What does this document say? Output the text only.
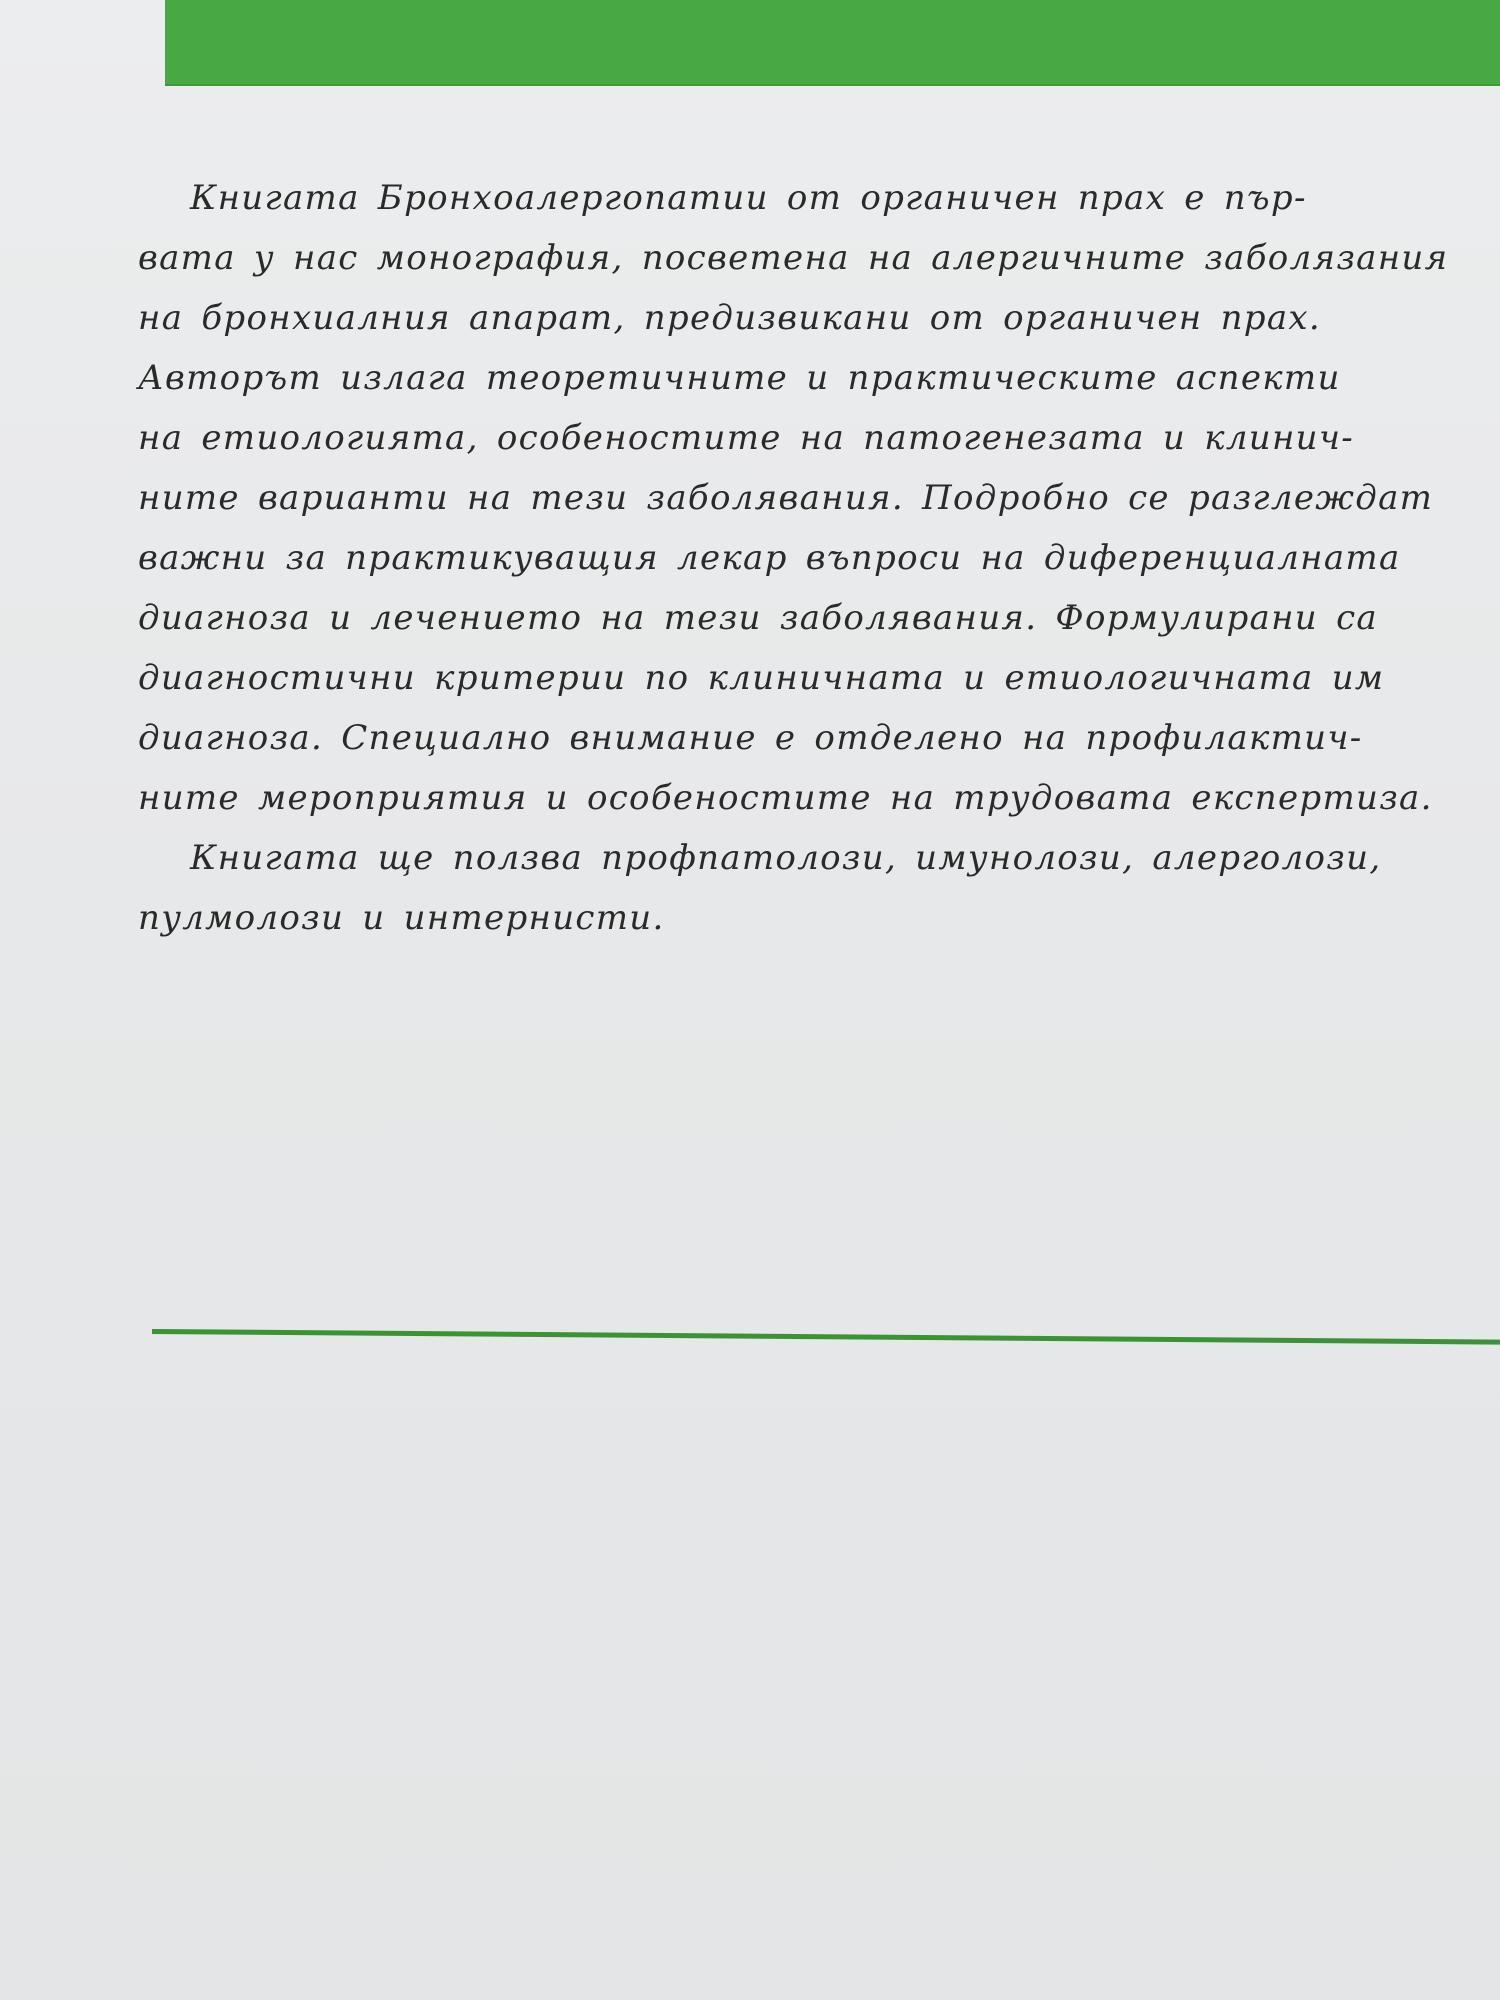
Книгата Бронхоалергопатии от органичен прах е пър-
вата у нас монография, посветена на алергичните заболязания
на бронхиалния апарат, предизвикани от органичен прах.
Авторът излага теоретичните и практическите аспекти
на етиологията, особеностите на патогенезата и клинич-
ните варианти на тези заболявания. Подробно се разглеждат
важни за практикуващия лекар въпроси на диференциалната
диагноза и лечението на тези заболявания. Формулирани са
диагностични критерии по клиничната и етиологичната им
диагноза. Специално внимание е отделено на профилактич-
ните мероприятия и особеностите на трудовата експертиза.
Книгата ще ползва профпатолози, имунолози, алерголози,
пулмолози и интернисти.
